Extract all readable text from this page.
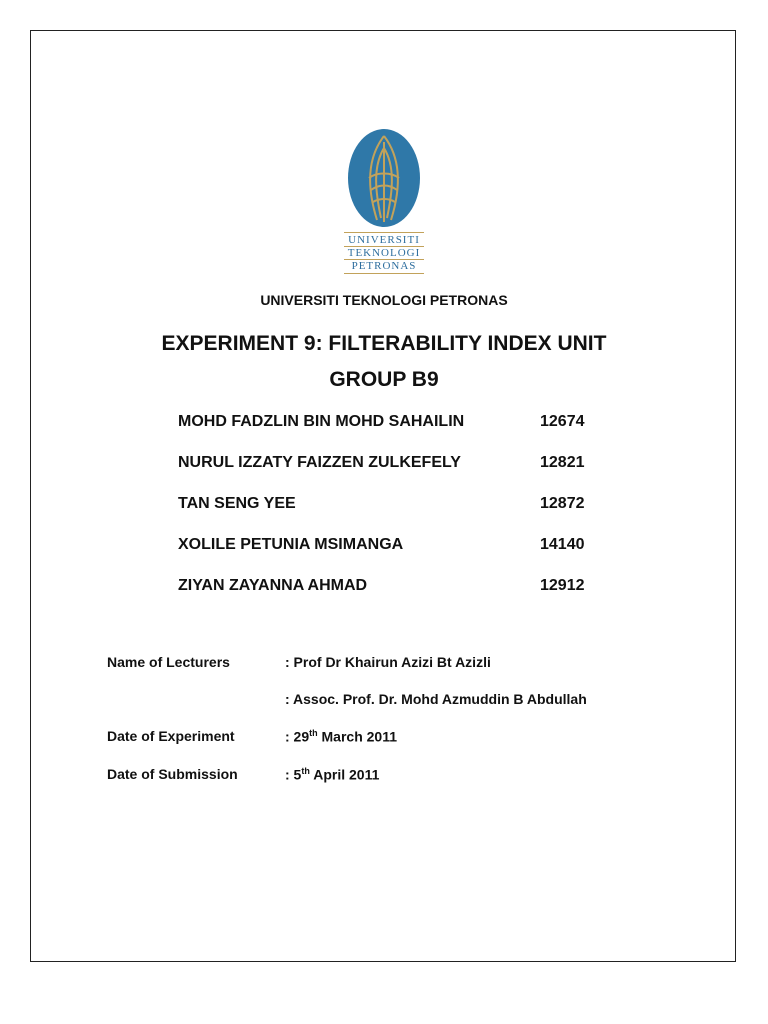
UNIVERSITI
TEKNOLOGI
PETRONAS
UNIVERSITI TEKNOLOGI PETRONAS
EXPERIMENT 9: FILTERABILITY INDEX UNIT
GROUP B9
MOHD FADZLIN BIN MOHD SAHAILIN	12674
NURUL IZZATY FAIZZEN ZULKEFELY	12821
TAN SENG YEE	12872
XOLILE PETUNIA MSIMANGA	14140
ZIYAN ZAYANNA AHMAD	12912
Name of Lecturers	: Prof Dr Khairun Azizi Bt Azizli
: Assoc. Prof. Dr. Mohd Azmuddin B Abdullah
Date of Experiment	: 29th March 2011
Date of Submission	: 5th April 2011
